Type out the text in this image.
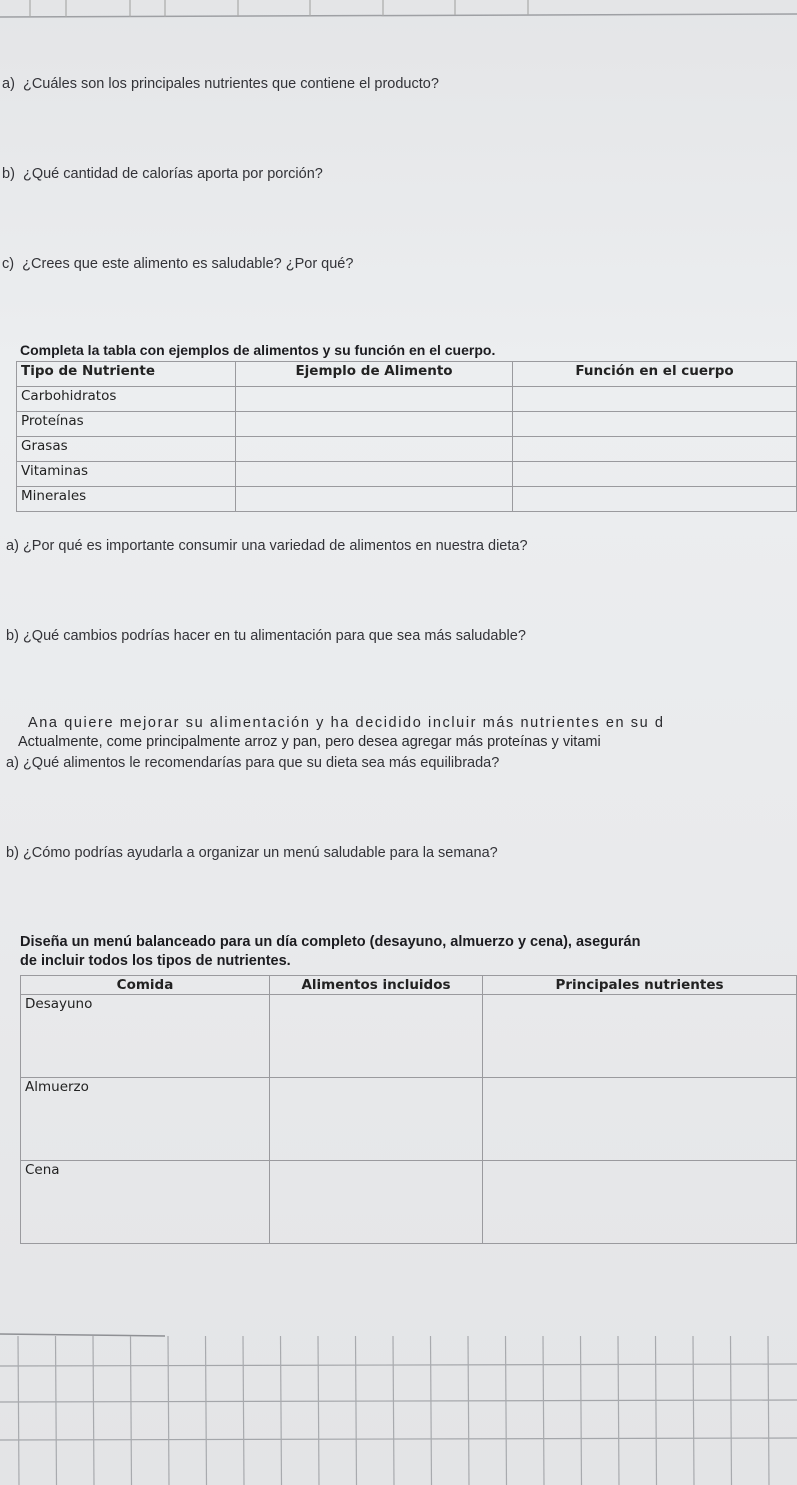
a) ¿Cuáles son los principales nutrientes que contiene el producto?
b) ¿Qué cantidad de calorías aporta por porción?
c) ¿Crees que este alimento es saludable? ¿Por qué?
Completa la tabla con ejemplos de alimentos y su función en el cuerpo.
Tipo de Nutriente	Ejemplo de Alimento	Función en el cuerpo
Carbohidratos		
Proteínas		
Grasas		
Vitaminas		
Minerales		
a) ¿Por qué es importante consumir una variedad de alimentos en nuestra dieta?
b) ¿Qué cambios podrías hacer en tu alimentación para que sea más saludable?
Ana quiere mejorar su alimentación y ha decidido incluir más nutrientes en su d
Actualmente, come principalmente arroz y pan, pero desea agregar más proteínas y vitami
a) ¿Qué alimentos le recomendarías para que su dieta sea más equilibrada?
b) ¿Cómo podrías ayudarla a organizar un menú saludable para la semana?
Diseña un menú balanceado para un día completo (desayuno, almuerzo y cena), asegurán
de incluir todos los tipos de nutrientes.
Comida	Alimentos incluidos	Principales nutrientes
Desayuno		
Almuerzo		
Cena		
